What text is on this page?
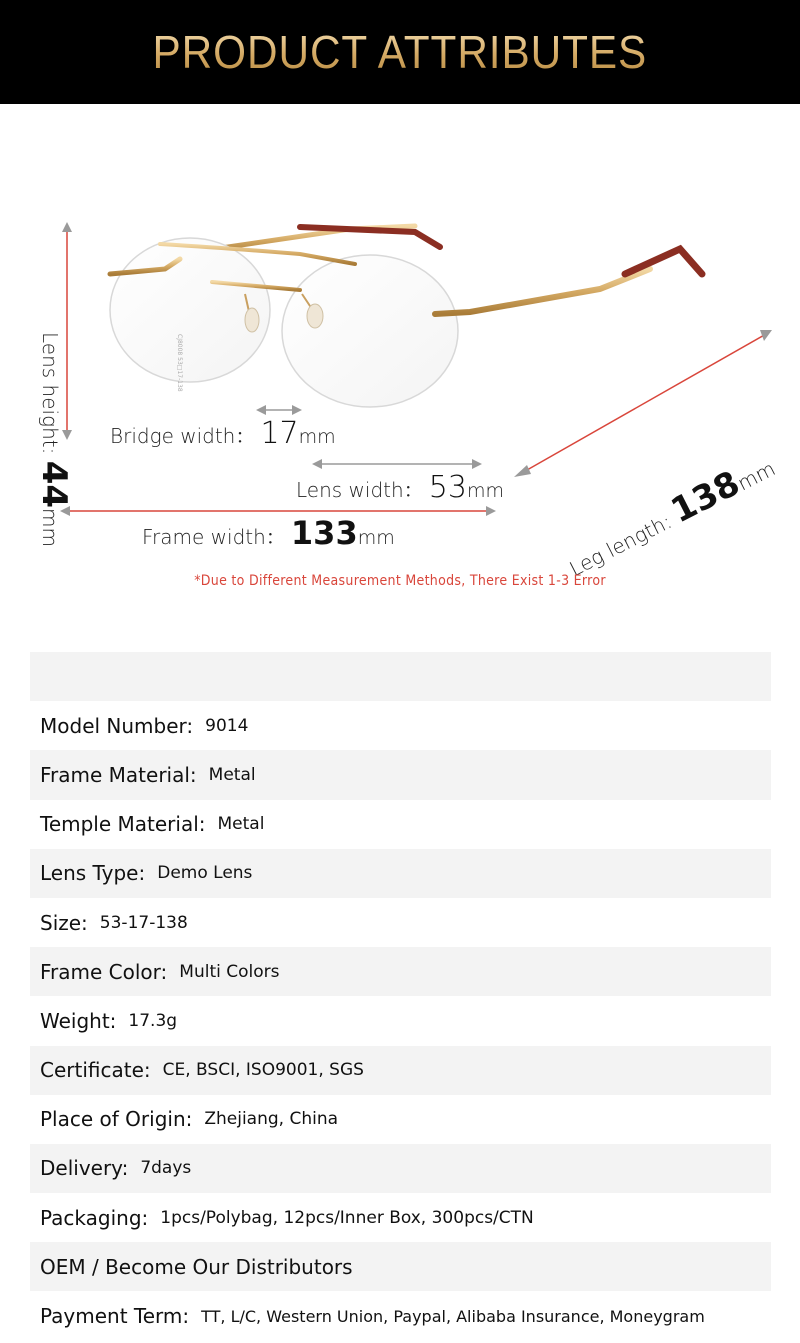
PRODUCT ATTRIBUTES
CJ8008 53□17-138
Lens height: 44mm
Bridge width： 17mm
Lens width： 53mm
Frame width： 133mm	Leg length: 138mm
*Due to Different Measurement Methods, There Exist 1-3 Error
Model Number: 9014
Frame Material: Metal
Temple Material: Metal
Lens Type: Demo Lens
Size: 53-17-138
Frame Color: Multi Colors
Weight: 17.3g
Certificate: CE, BSCI, ISO9001, SGS
Place of Origin: Zhejiang, China
Delivery: 7days
Packaging: 1pcs/Polybag, 12pcs/Inner Box, 300pcs/CTN
OEM / Become Our Distributors
Payment Term: TT, L/C, Western Union, Paypal, Alibaba Insurance, Moneygram
